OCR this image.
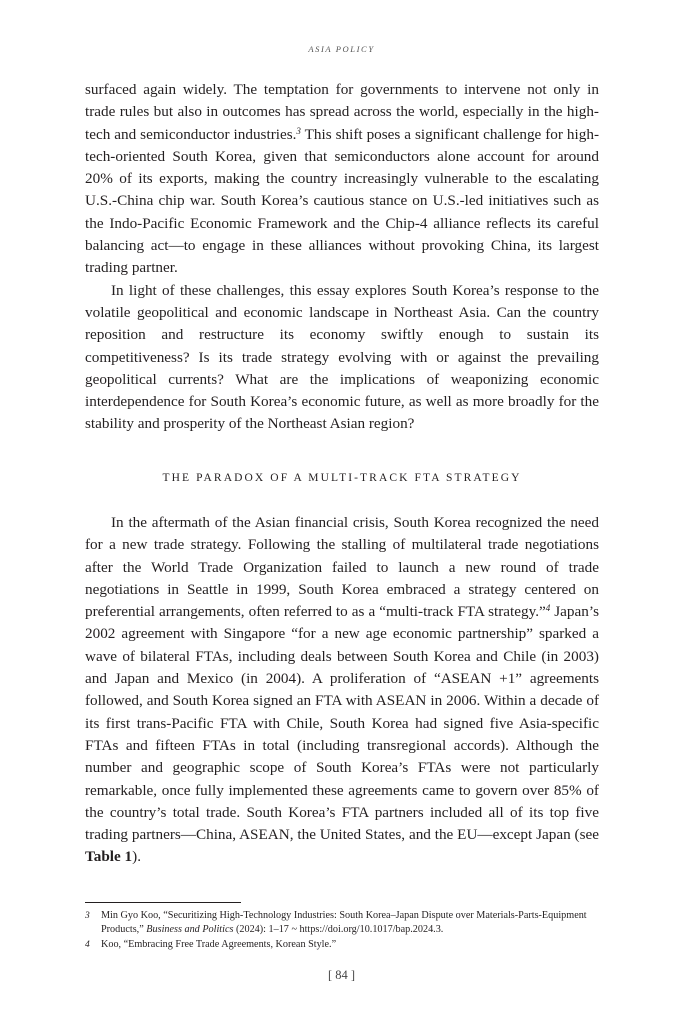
ASIA POLICY

surfaced again widely. The temptation for governments to intervene not only in trade rules but also in outcomes has spread across the world, especially in the high-tech and semiconductor industries.$^3$ This shift poses a significant challenge for high-tech-oriented South Korea, given that semiconductors alone account for around 20% of its exports, making the country increasingly vulnerable to the escalating U.S.-China chip war. South Korea’s cautious stance on U.S.-led initiatives such as the Indo-Pacific Economic Framework and the Chip-4 alliance reflects its careful balancing act—to engage in these alliances without provoking China, its largest trading partner.

In light of these challenges, this essay explores South Korea’s response to the volatile geopolitical and economic landscape in Northeast Asia. Can the country reposition and restructure its economy swiftly enough to sustain its competitiveness? Is its trade strategy evolving with or against the prevailing geopolitical currents? What are the implications of weaponizing economic interdependence for South Korea’s economic future, as well as more broadly for the stability and prosperity of the Northeast Asian region?

THE PARADOX OF A MULTI-TRACK FTA STRATEGY

In the aftermath of the Asian financial crisis, South Korea recognized the need for a new trade strategy. Following the stalling of multilateral trade negotiations after the World Trade Organization failed to launch a new round of trade negotiations in Seattle in 1999, South Korea embraced a strategy centered on preferential arrangements, often referred to as a “multi-track FTA strategy.”$^4$ Japan’s 2002 agreement with Singapore “for a new age economic partnership” sparked a wave of bilateral FTAs, including deals between South Korea and Chile (in 2003) and Japan and Mexico (in 2004). A proliferation of “ASEAN +1” agreements followed, and South Korea signed an FTA with ASEAN in 2006. Within a decade of its first trans-Pacific FTA with Chile, South Korea had signed five Asia-specific FTAs and fifteen FTAs in total (including transregional accords). Although the number and geographic scope of South Korea’s FTAs were not particularly remarkable, once fully implemented these agreements came to govern over 85% of the country’s total trade. South Korea’s FTA partners included all of its top five trading partners—China, ASEAN, the United States, and the EU—except Japan (see Table 1).

3 Min Gyo Koo, “Securitizing High-Technology Industries: South Korea–Japan Dispute over Materials-Parts-Equipment Products,” Business and Politics (2024): 1–17 ~ https://doi.org/10.1017/bap.2024.3.
4 Koo, “Embracing Free Trade Agreements, Korean Style.”
[ 84 ]
